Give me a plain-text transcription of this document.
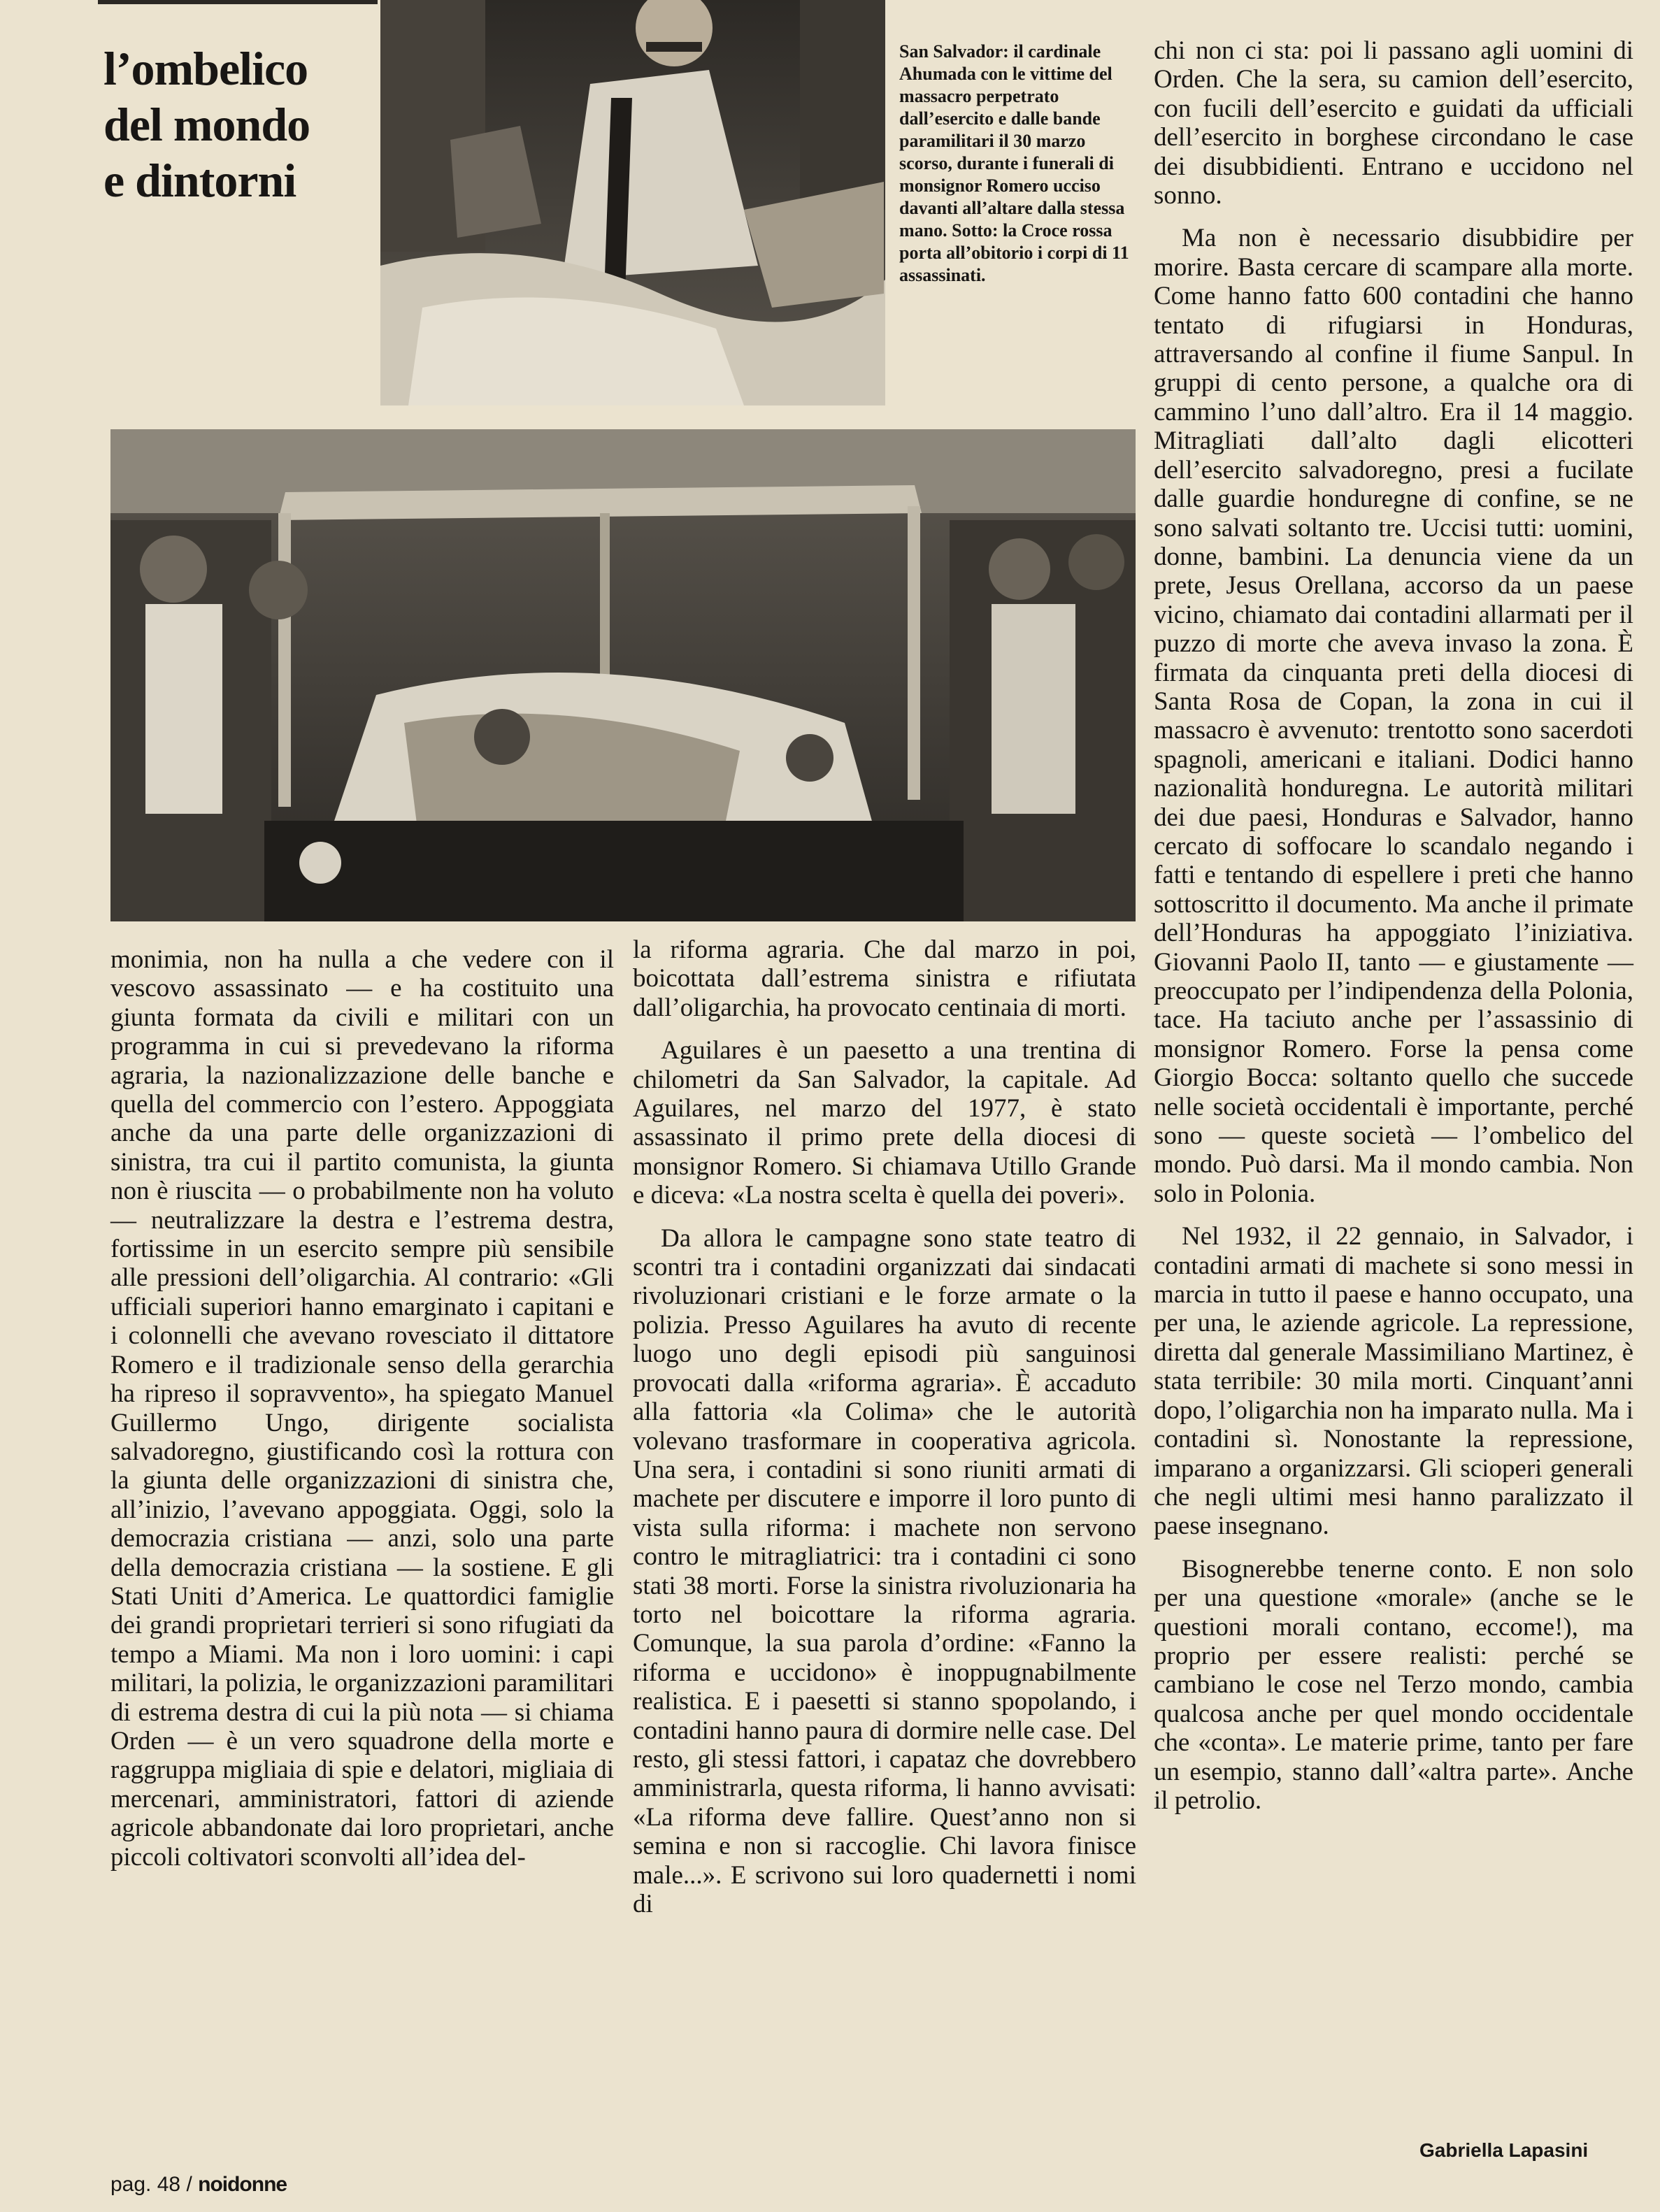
l’ombelico
del mondo
e dintorni
San Salvador: il cardinale Ahumada con le vittime del massacro perpetrato dall’esercito e dalle bande paramilitari il 30 marzo scorso, durante i funerali di monsignor Romero ucciso davanti all’altare dalla stessa mano. Sotto: la Croce rossa porta all’obitorio i corpi di 11 assassinati.

monimia, non ha nulla a che vedere con il vescovo assassinato — e ha costituito una giunta formata da civili e militari con un programma in cui si prevedevano la riforma agraria, la nazionalizzazione delle banche e quella del commercio con l’estero. Appoggiata anche da una parte delle organizzazioni di sinistra, tra cui il partito comunista, la giunta non è riuscita — o probabilmente non ha voluto — neutralizzare la destra e l’estrema destra, fortissime in un esercito sempre più sensibile alle pressioni dell’oligarchia. Al contrario: «Gli ufficiali superiori hanno emarginato i capitani e i colonnelli che avevano rovesciato il dittatore Romero e il tradizionale senso della gerarchia ha ripreso il sopravvento», ha spiegato Manuel Guillermo Ungo, dirigente socialista salvadoregno, giustificando così la rottura con la giunta delle organizzazioni di sinistra che, all’inizio, l’avevano appoggiata. Oggi, solo la democrazia cristiana — anzi, solo una parte della democrazia cristiana — la sostiene. E gli Stati Uniti d’America. Le quattordici famiglie dei grandi proprietari terrieri si sono rifugiati da tempo a Miami. Ma non i loro uomini: i capi militari, la polizia, le organizzazioni paramilitari di estrema destra di cui la più nota — si chiama Orden — è un vero squadrone della morte e raggruppa migliaia di spie e delatori, migliaia di mercenari, amministratori, fattori di aziende agricole abbandonate dai loro proprietari, anche piccoli coltivatori sconvolti all’idea del-

la riforma agraria. Che dal marzo in poi, boicottata dall’estrema sinistra e rifiutata dall’oligarchia, ha provocato centinaia di morti.

Aguilares è un paesetto a una trentina di chilometri da San Salvador, la capitale. Ad Aguilares, nel marzo del 1977, è stato assassinato il primo prete della diocesi di monsignor Romero. Si chiamava Utillo Grande e diceva: «La nostra scelta è quella dei poveri».

Da allora le campagne sono state teatro di scontri tra i contadini organizzati dai sindacati rivoluzionari cristiani e le forze armate o la polizia. Presso Aguilares ha avuto di recente luogo uno degli episodi più sanguinosi provocati dalla «riforma agraria». È accaduto alla fattoria «la Colima» che le autorità volevano trasformare in cooperativa agricola. Una sera, i contadini si sono riuniti armati di machete per discutere e imporre il loro punto di vista sulla riforma: i machete non servono contro le mitragliatrici: tra i contadini ci sono stati 38 morti. Forse la sinistra rivoluzionaria ha torto nel boicottare la riforma agraria. Comunque, la sua parola d’ordine: «Fanno la riforma e uccidono» è inoppugnabilmente realistica. E i paesetti si stanno spopolando, i contadini hanno paura di dormire nelle case. Del resto, gli stessi fattori, i capataz che dovrebbero amministrarla, questa riforma, li hanno avvisati: «La riforma deve fallire. Quest’anno non si semina e non si raccoglie. Chi lavora finisce male...». E scrivono sui loro quadernetti i nomi di

chi non ci sta: poi li passano agli uomini di Orden. Che la sera, su camion dell’esercito, con fucili dell’esercito e guidati da ufficiali dell’esercito in borghese circondano le case dei disubbidienti. Entrano e uccidono nel sonno.

Ma non è necessario disubbidire per morire. Basta cercare di scampare alla morte. Come hanno fatto 600 contadini che hanno tentato di rifugiarsi in Honduras, attraversando al confine il fiume Sanpul. In gruppi di cento persone, a qualche ora di cammino l’uno dall’altro. Era il 14 maggio. Mitragliati dall’alto dagli elicotteri dell’esercito salvadoregno, presi a fucilate dalle guardie honduregne di confine, se ne sono salvati soltanto tre. Uccisi tutti: uomini, donne, bambini. La denuncia viene da un prete, Jesus Orellana, accorso da un paese vicino, chiamato dai contadini allarmati per il puzzo di morte che aveva invaso la zona. È firmata da cinquanta preti della diocesi di Santa Rosa de Copan, la zona in cui il massacro è avvenuto: trentotto sono sacerdoti spagnoli, americani e italiani. Dodici hanno nazionalità honduregna. Le autorità militari dei due paesi, Honduras e Salvador, hanno cercato di soffocare lo scandalo negando i fatti e tentando di espellere i preti che hanno sottoscritto il documento. Ma anche il primate dell’Honduras ha appoggiato l’iniziativa. Giovanni Paolo II, tanto — e giustamente — preoccupato per l’indipendenza della Polonia, tace. Ha taciuto anche per l’assassinio di monsignor Romero. Forse la pensa come Giorgio Bocca: soltanto quello che succede nelle società occidentali è importante, perché sono — queste società — l’ombelico del mondo. Può darsi. Ma il mondo cambia. Non solo in Polonia.

Nel 1932, il 22 gennaio, in Salvador, i contadini armati di machete si sono messi in marcia in tutto il paese e hanno occupato, una per una, le aziende agricole. La repressione, diretta dal generale Massimiliano Martinez, è stata terribile: 30 mila morti. Cinquant’anni dopo, l’oligarchia non ha imparato nulla. Ma i contadini sì. Nonostante la repressione, imparano a organizzarsi. Gli scioperi generali che negli ultimi mesi hanno paralizzato il paese insegnano.

Bisognerebbe tenerne conto. E non solo per una questione «morale» (anche se le questioni morali contano, eccome!), ma proprio per essere realisti: perché se cambiano le cose nel Terzo mondo, cambia qualcosa anche per quel mondo occidentale che «conta». Le materie prime, tanto per fare un esempio, stanno dall’«altra parte». Anche il petrolio.

Gabriella Lapasini
pag. 48 / noidonne
